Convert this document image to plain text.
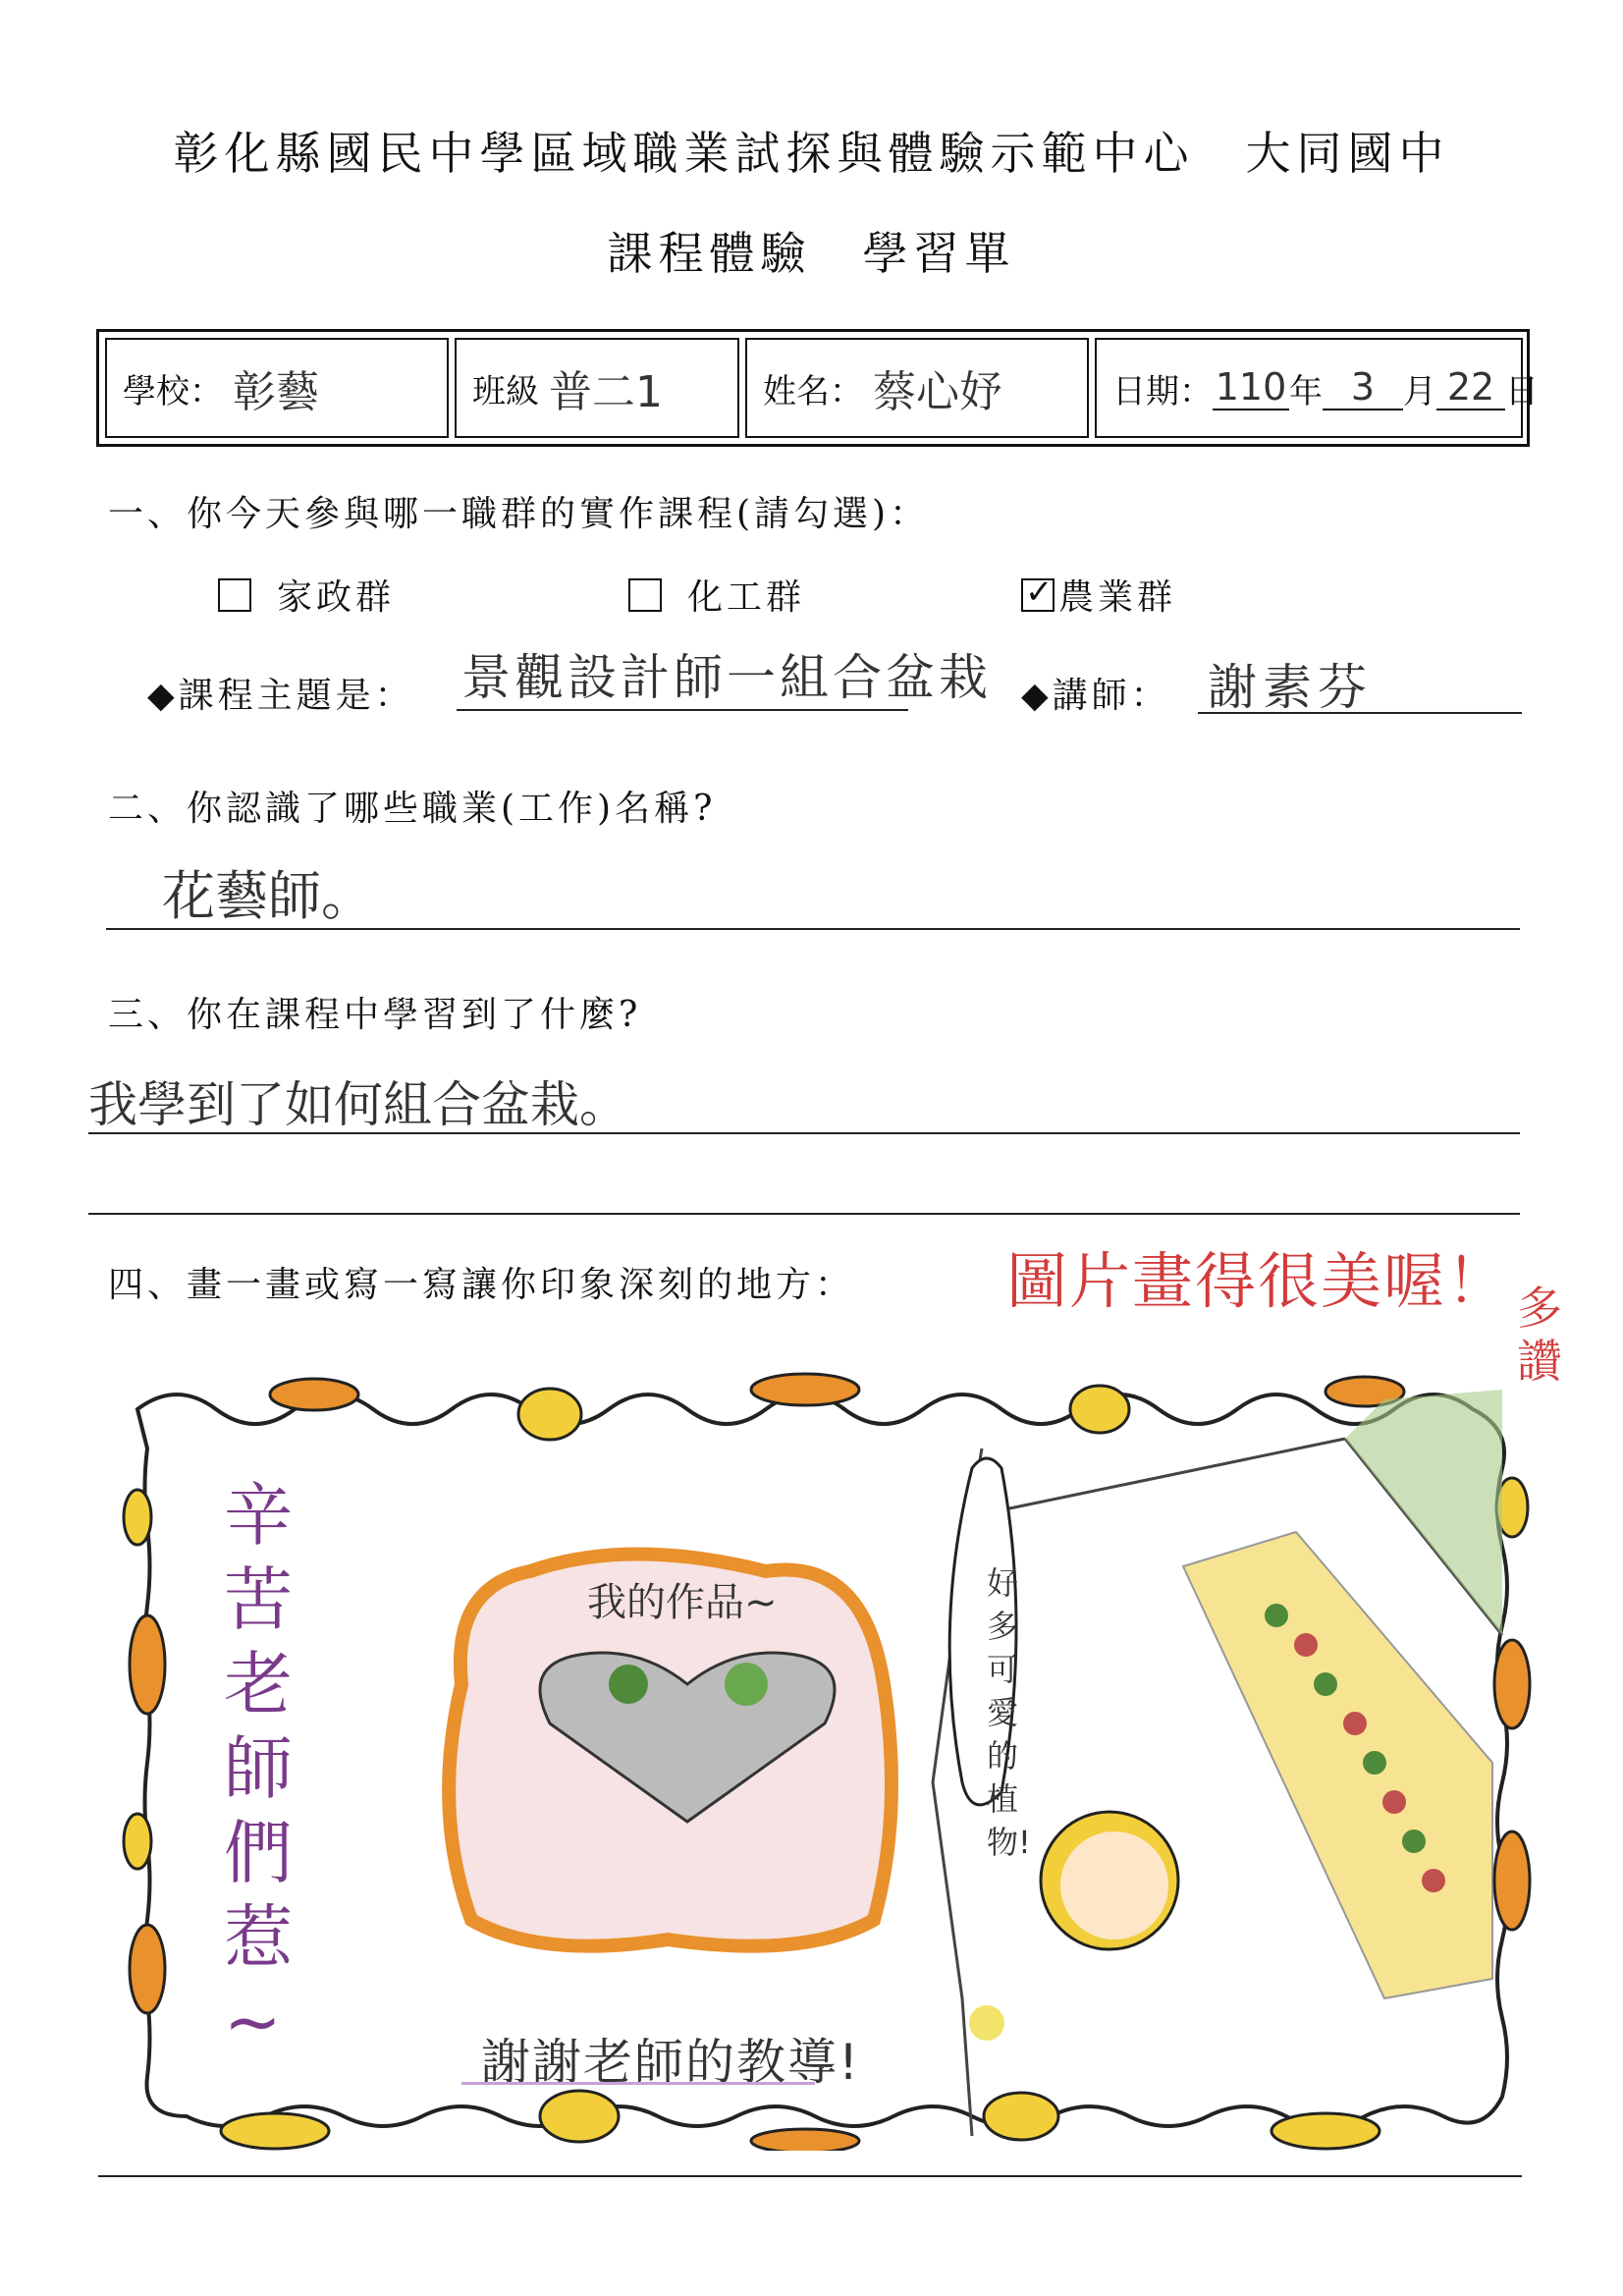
彰化縣國民中學區域職業試探與體驗示範中心　大同國中
課程體驗　學習單
學校： 彰藝	班級 普二1	姓名： 蔡心妤	日期： 110 年 3 月 22 日
一、你今天參與哪一職群的實作課程(請勾選)：
家政群	化工群
✓	農業群
◆課程主題是： 景觀設計師一組合盆栽 ◆講師： 謝素芬
二、你認識了哪些職業(工作)名稱?
花藝師。
三、你在課程中學習到了什麼?
我學到了如何組合盆栽。
四、畫一畫或寫一寫讓你印象深刻的地方： 圖片畫得很美喔！ 多讚
辛苦老師們惹~
我的作品~	好多可愛的植物!
謝謝老師的教導!
